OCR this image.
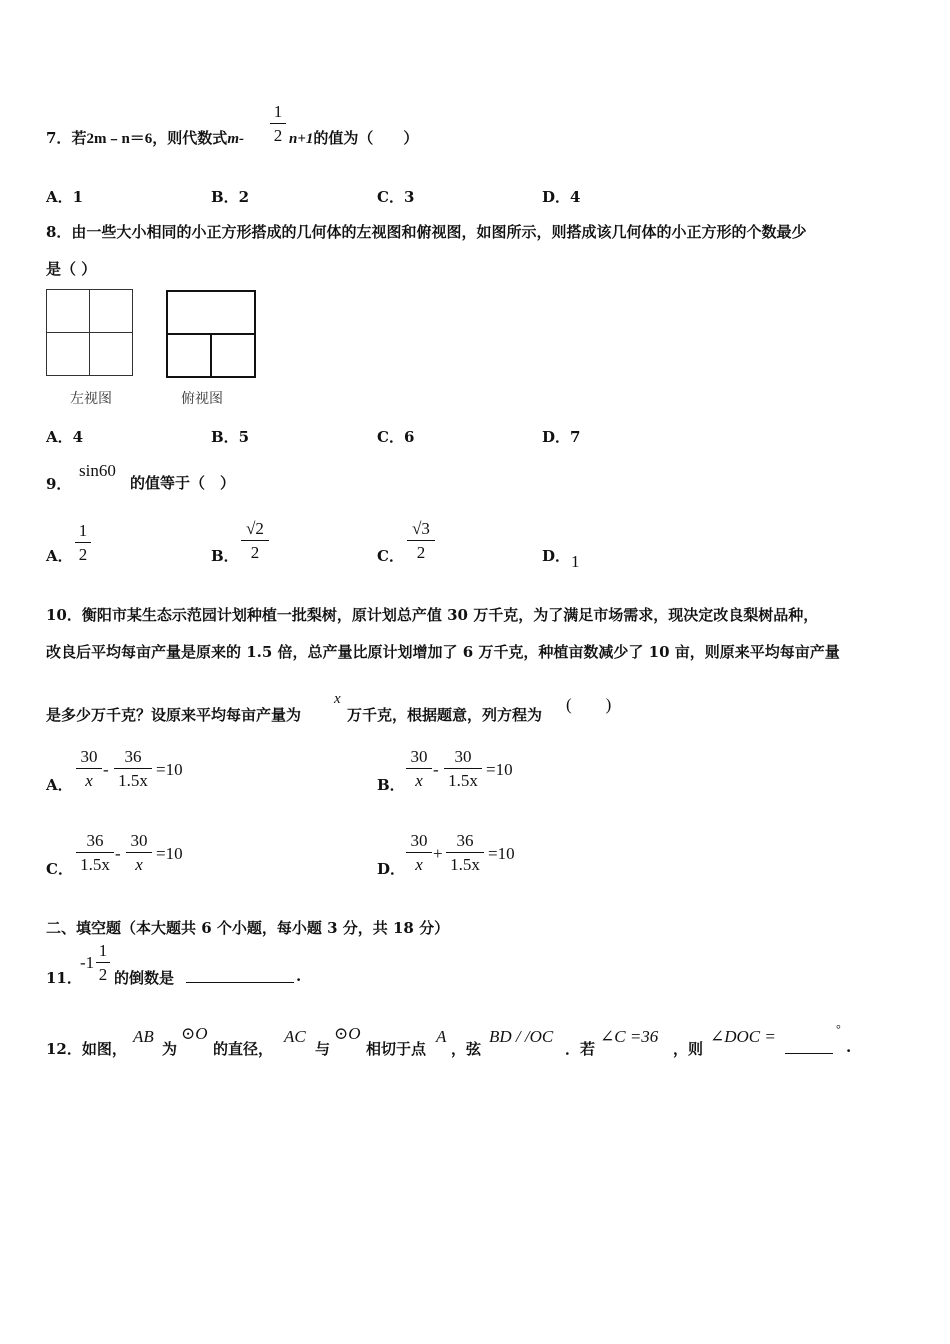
7．若2m﹣n＝6，则代数式m-
1
2 n+1的值为（　　）
A．1	B．2	C．3	D．4
8．由一些大小相同的小正方形搭成的几何体的左视图和俯视图，如图所示，则搭成该几何体的小正方形的个数最少
是（ ）
左视图	俯视图
A．4	B．5	C．6	D．7
9．
sin60
的值等于（　）
A．
1
2	B．
√2
2	C．
√3
2	D． 1
10．衡阳市某生态示范园计划种植一批梨树，原计划总产值 30 万千克，为了满足市场需求，现决定改良梨树品种，
改良后平均每亩产量是原来的 1.5 倍，总产量比原计划增加了 6 万千克，种植亩数减少了 10 亩，则原来平均每亩产量
是多少万千克？设原来平均每亩产量为
x
万千克，根据题意，列方程为
(　　)
A．
30
x
-
36
1.5x
=10
B．
30
x
-
30
1.5x
=10
C．
36
1.5x
-
30
x
=10
D．
30
x
+
36
1.5x
=10
二、填空题（本大题共 6 个小题，每小题 3 分，共 18 分）
11．
-1
1
2 的倒数是	.
12．如图，
AB
为
⊙O
的直径，
AC
与
⊙O
相切于点
A
，弦
BD / /OC
．若
∠C =36
，则
∠DOC =	°
.
